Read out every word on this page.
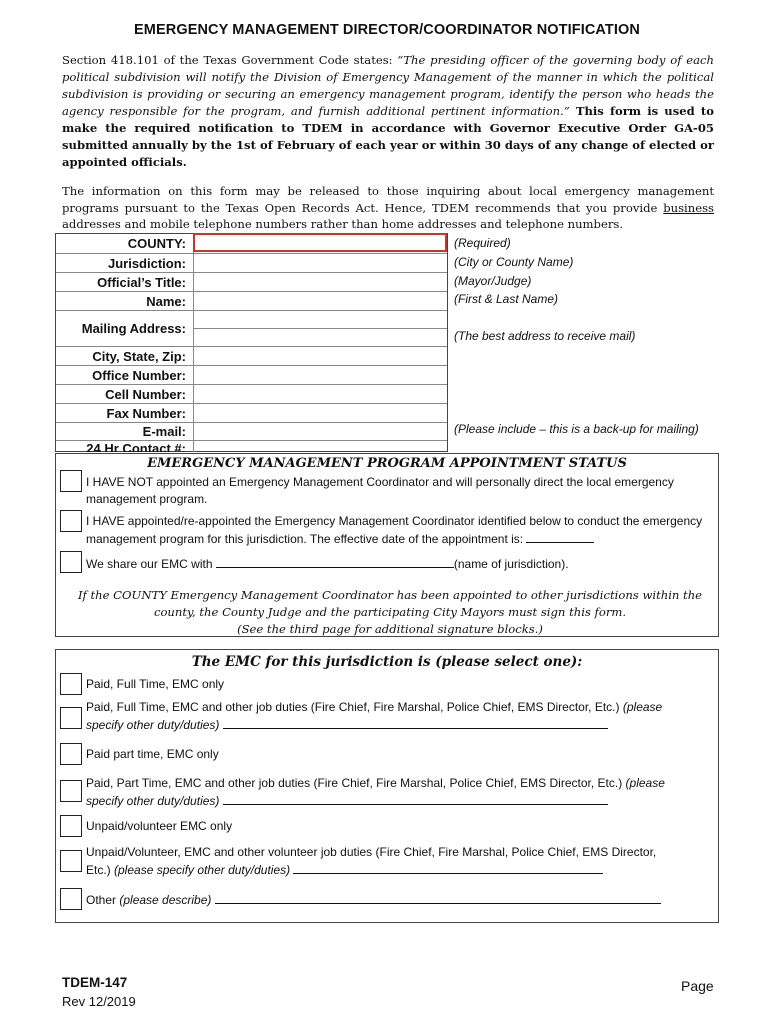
EMERGENCY MANAGEMENT DIRECTOR/COORDINATOR NOTIFICATION
Section 418.101 of the Texas Government Code states: “The presiding officer of the governing body of each political subdivision will notify the Division of Emergency Management of the manner in which the political subdivision is providing or securing an emergency management program, identify the person who heads the agency responsible for the program, and furnish additional pertinent information.” This form is used to make the required notification to TDEM in accordance with Governor Executive Order GA-05 submitted annually by the 1st of February of each year or within 30 days of any change of elected or appointed officials.
The information on this form may be released to those inquiring about local emergency management programs pursuant to the Texas Open Records Act. Hence, TDEM recommends that you provide business addresses and mobile telephone numbers rather than home addresses and telephone numbers.
COUNTY:
Jurisdiction:
Official’s Title:
Name:
Mailing Address:
City, State, Zip:
Office Number:
Cell Number:
Fax Number:
E-mail:
24 Hr Contact #:
(Required)
(City or County Name)
(Mayor/Judge)
(First & Last Name)
(The best address to receive mail)
(Please include – this is a back-up for mailing)
EMERGENCY MANAGEMENT PROGRAM APPOINTMENT STATUS
I HAVE NOT appointed an Emergency Management Coordinator and will personally direct the local emergency management program.
I HAVE appointed/re-appointed the Emergency Management Coordinator identified below to conduct the emergency management program for this jurisdiction. The effective date of the appointment is:
We share our EMC with	(name of jurisdiction).
If the COUNTY Emergency Management Coordinator has been appointed to other jurisdictions within the
county, the County Judge and the participating City Mayors must sign this form.
(See the third page for additional signature blocks.)
The EMC for this jurisdiction is (please select one):
Paid, Full Time, EMC only
Paid, Full Time, EMC and other job duties (Fire Chief, Fire Marshal, Police Chief, EMS Director, Etc.) (please
specify other duty/duties)
Paid part time, EMC only
Paid, Part Time, EMC and other job duties (Fire Chief, Fire Marshal, Police Chief, EMS Director, Etc.) (please
specify other duty/duties)
Unpaid/volunteer EMC only
Unpaid/Volunteer, EMC and other volunteer job duties (Fire Chief, Fire Marshal, Police Chief, EMS Director,
Etc.) (please specify other duty/duties)
Other (please describe)
TDEM-147
Rev 12/2019
Page
